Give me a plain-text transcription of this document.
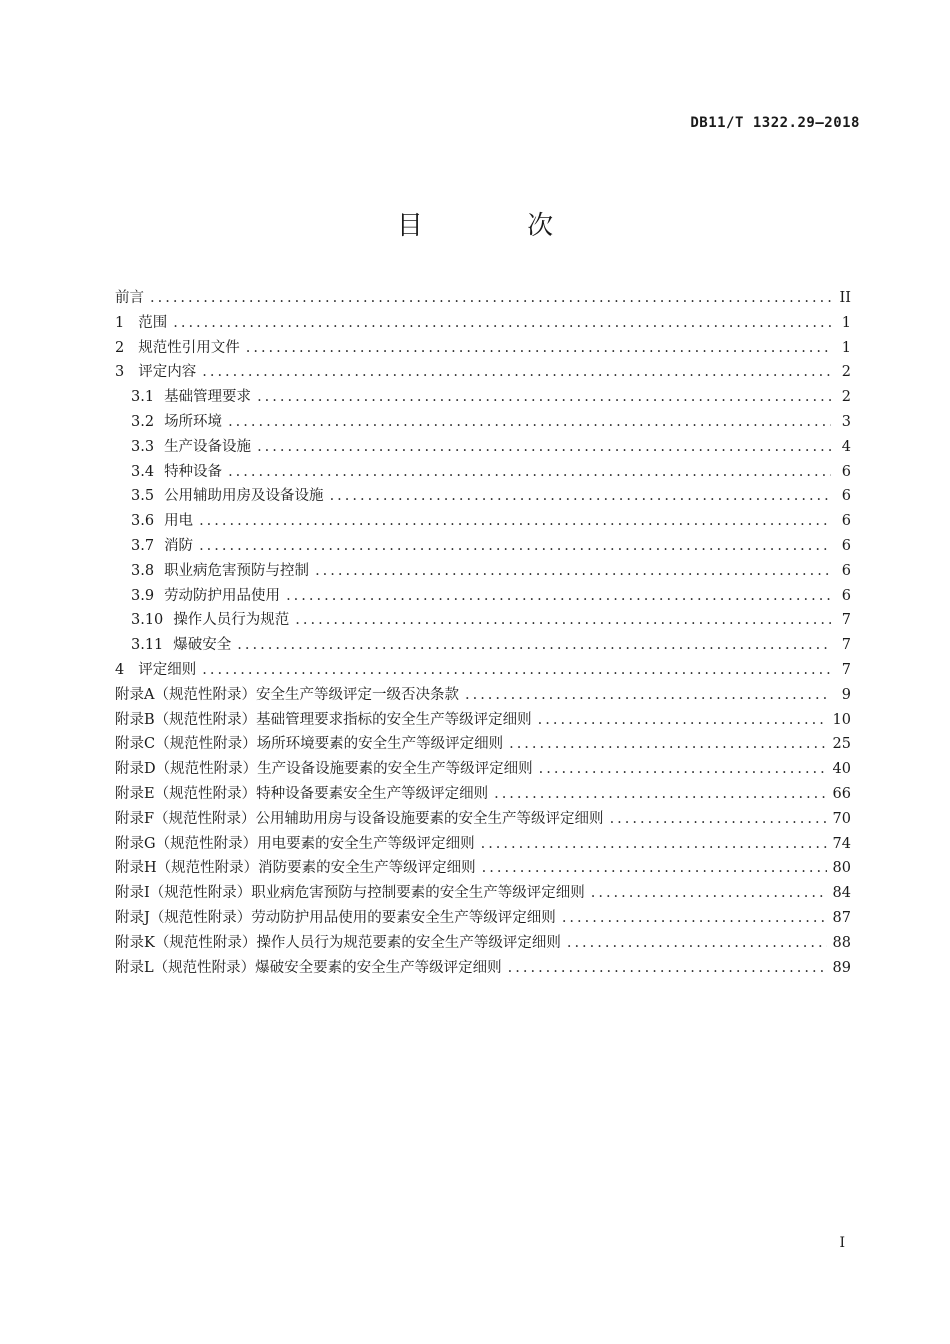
DB11/T 1322.29—2018
目 次
前言 .....	II
1 范围 .....	1
2 规范性引用文件 .....	1
3 评定内容 .....	2
3.1 基础管理要求 .....	2
3.2 场所环境 .....	3
3.3 生产设备设施 .....	4
3.4 特种设备 .....	6
3.5 公用辅助用房及设备设施 .....	6
3.6 用电 .....	6
3.7 消防 .....	6
3.8 职业病危害预防与控制 .....	6
3.9 劳动防护用品使用 .....	6
3.10 操作人员行为规范 .....	7
3.11 爆破安全 .....	7
4 评定细则 .....	7
附录A（规范性附录） 安全生产等级评定一级否决条款 .....	9
附录B（规范性附录） 基础管理要求指标的安全生产等级评定细则 .....	10
附录C（规范性附录） 场所环境要素的安全生产等级评定细则 .....	25
附录D（规范性附录） 生产设备设施要素的安全生产等级评定细则 .....	40
附录E（规范性附录） 特种设备要素安全生产等级评定细则 .....	66
附录F（规范性附录） 公用辅助用房与设备设施要素的安全生产等级评定细则 .....	70
附录G（规范性附录） 用电要素的安全生产等级评定细则 .....	74
附录H（规范性附录） 消防要素的安全生产等级评定细则 .....	80
附录I（规范性附录） 职业病危害预防与控制要素的安全生产等级评定细则 .....	84
附录J（规范性附录） 劳动防护用品使用的要素安全生产等级评定细则 .....	87
附录K（规范性附录） 操作人员行为规范要素的安全生产等级评定细则 .....	88
附录L（规范性附录） 爆破安全要素的安全生产等级评定细则 .....	89
I
